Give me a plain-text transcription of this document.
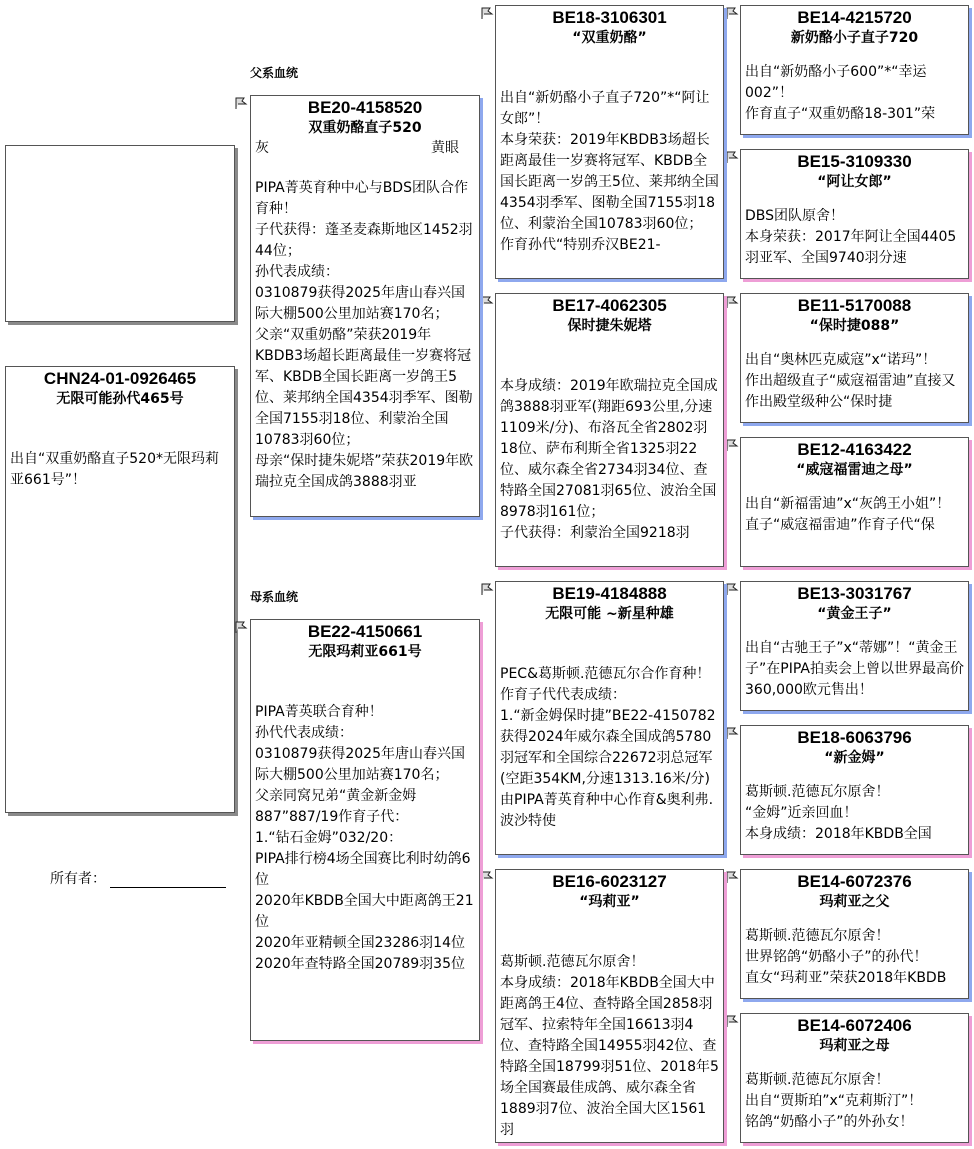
CHN24-01-0926465
无限可能孙代465号
出自“双重奶酪直子520*无限玛莉亚661号”！
所有者：
父系血统
母系血统
BE20-4158520
双重奶酪直子520
灰	黄眼
PIPA菁英育种中心与BDS团队合作育种！
子代获得：蓬圣麦森斯地区1452羽44位；
孙代表成绩：
0310879获得2025年唐山春兴国际大棚500公里加站赛170名；
父亲“双重奶酪”荣获2019年KBDB3场超长距离最佳一岁赛将冠军、KBDB全国长距离一岁鸽王5位、莱邦纳全国4354羽季军、图勒全国7155羽18位、利蒙治全国10783羽60位；
母亲“保时捷朱妮塔”荣获2019年欧瑞拉克全国成鸽3888羽亚
BE22-4150661
无限玛莉亚661号
PIPA菁英联合育种！
孙代代表成绩：
0310879获得2025年唐山春兴国际大棚500公里加站赛170名；
父亲同窝兄弟“黄金新金姆887”887/19作育子代：
1.“钻石金姆”032/20：
PIPA排行榜4场全国赛比利时幼鸽6位
2020年KBDB全国大中距离鸽王21位
2020年亚精顿全国23286羽14位
2020年查特路全国20789羽35位
BE18-3106301
“双重奶酪”
出自“新奶酪小子直子720”*“阿让女郎”！
本身荣获：2019年KBDB3场超长距离最佳一岁赛将冠军、KBDB全国长距离一岁鸽王5位、莱邦纳全国4354羽季军、图勒全国7155羽18位、利蒙治全国10783羽60位；
作育孙代“特别乔汉BE21-
BE17-4062305
保时捷朱妮塔
本身成绩：2019年欧瑞拉克全国成鸽3888羽亚军(翔距693公里,分速1109米/分)、布洛瓦全省2802羽18位、萨布利斯全省1325羽22位、威尔森全省2734羽34位、查特路全国27081羽65位、波治全国8978羽161位；
子代获得：利蒙治全国9218羽
BE19-4184888
无限可能 ~新星种雄
PEC&葛斯顿.范德瓦尔合作育种！
作育子代代表成绩：
1.“新金姆保时捷”BE22-4150782获得2024年威尔森全国成鸽5780羽冠军和全国综合22672羽总冠军(空距354KM,分速1313.16米/分)由PIPA菁英育种中心作育&奥利弗.波沙特使
BE16-6023127
“玛莉亚”
葛斯顿.范德瓦尔原舍！
本身成绩：2018年KBDB全国大中距离鸽王4位、查特路全国2858羽冠军、拉索特年全国16613羽4位、查特路全国14955羽42位、查特路全国18799羽51位、2018年5场全国赛最佳成鸽、威尔森全省1889羽7位、波治全国大区1561羽
BE14-4215720
新奶酪小子直子720
出自“新奶酪小子600”*“幸运002”！
作育直子“双重奶酪18-301”荣
BE15-3109330
“阿让女郎”
DBS团队原舍！
本身荣获：2017年阿让全国4405羽亚军、全国9740羽分速
BE11-5170088
“保时捷088”
出自“奥林匹克威寇”x“诺玛”！
作出超级直子“威寇福雷迪”直接又作出殿堂级种公“保时捷
BE12-4163422
“威寇福雷迪之母”
出自“新福雷迪”x“灰鸽王小姐”！
直子“威寇福雷迪”作育子代“保
BE13-3031767
“黄金王子”
出自“古驰王子”x“蒂娜”！“黄金王子”在PIPA拍卖会上曾以世界最高价360,000欧元售出！
BE18-6063796
“新金姆”
葛斯顿.范德瓦尔原舍！
“金姆”近亲回血！
本身成绩：2018年KBDB全国
BE14-6072376
玛莉亚之父
葛斯顿.范德瓦尔原舍！
世界铭鸽“奶酪小子”的孙代！
直女“玛莉亚”荣获2018年KBDB
BE14-6072406
玛莉亚之母
葛斯顿.范德瓦尔原舍！
出自“贾斯珀”x“克莉斯汀”！
铭鸽“奶酪小子”的外孙女！
